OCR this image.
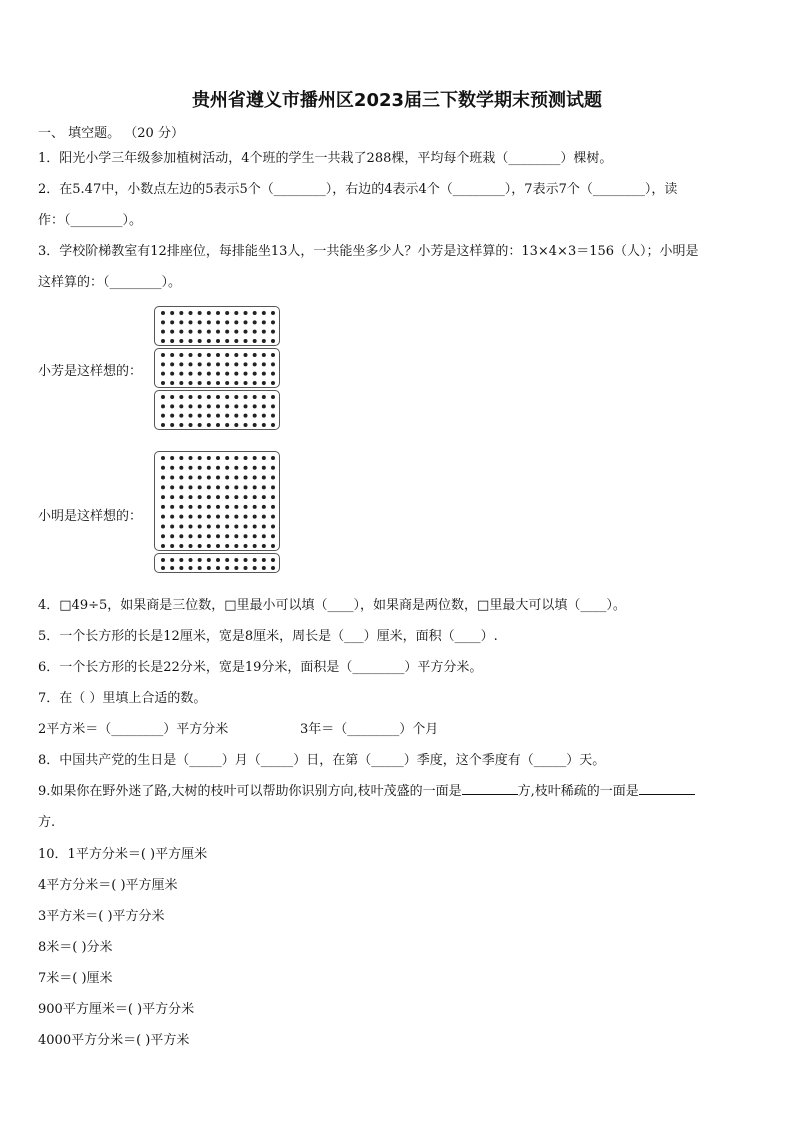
贵州省遵义市播州区2023届三下数学期末预测试题
一、 填空题。 （20 分）
1．阳光小学三年级参加植树活动，4个班的学生一共栽了288棵，平均每个班栽（________）棵树。
2．在5.47中，小数点左边的5表示5个（________），右边的4表示4个（________），7表示7个（________），读
作：（________）。
3．学校阶梯教室有12排座位，每排能坐13人，一共能坐多少人？小芳是这样算的：13×4×3＝156（人）；小明是
这样算的：（________）。
小芳是这样想的：
小明是这样想的：
4．□49÷5，如果商是三位数，□里最小可以填（____），如果商是两位数，□里最大可以填（____）。
5．一个长方形的长是12厘米，宽是8厘米，周长是（___）厘米，面积（____）.
6．一个长方形的长是22分米，宽是19分米，面积是（________）平方分米。
7．在（ ）里填上合适的数。
2平方米＝（________）平方分米	3年＝（________）个月
8．中国共产党的生日是（_____）月（_____）日，在第（_____）季度，这个季度有（_____）天。
9.如果你在野外迷了路,大树的枝叶可以帮助你识别方向,枝叶茂盛的一面是	方,枝叶稀疏的一面是
方.
10．1平方分米＝( )平方厘米
4平方分米＝( )平方厘米
3平方米＝( )平方分米
8米＝( )分米
7米＝( )厘米
900平方厘米＝( )平方分米
4000平方分米＝( )平方米
